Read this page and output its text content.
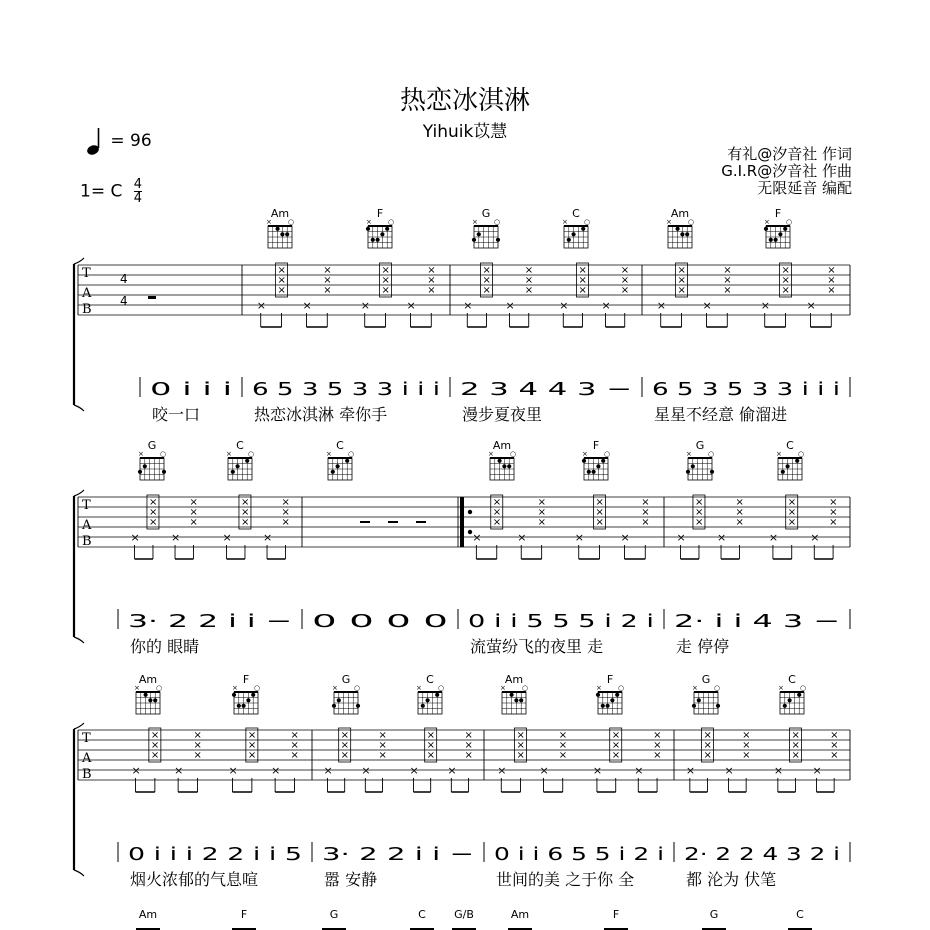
热恋冰淇淋
Yihuik苡慧
= 96
1= C $\frac{4}{4}$
有礼@汐音社 作词
G.I.R@汐音社 作曲
无限延音 编配
T
A
B
4
4	×
×
×
×
×
×
×
×
×
×
×
×
×
×
×
×
×
×
×
×
×
×
×
×
×
×
×
×
×
×
×
×
×
×
×
×
×
×
×
×
×
×
×
×
×
×
×
×
Am
× ○
F
× ○
G
× ○
C
× ○
Am
× ○
F
× ○
0 i i i
咬一口
6 5 3 5 3 3 i i i
热恋冰淇淋 牵你手
2 3 4 4 3 −
漫步夏夜里
6 5 3 5 3 3 i i i
星星不经意 偷溜进
T
A
B	×
×
×
×
×
×
×
×
×
×
×
×
×
×
×
×
×
×
×
×
×
×
×
×
×
×
×
×
×
×
×
×
×
×
×
×
×
×
×
×
×
×
×
×
×
×
×
×
G
× ○
C
× ○
C
× ○
Am
× ○
F
× ○
G
× ○
C
× ○
3· 2 2 i i −
你的 眼睛
0 0 0 0 0 i i 5 5 5 i 2 i
流萤纷飞的夜里 走
2· i i 4 3 −
走 停停
T
A
B	×
×
×
×
×
×
×
×
×
×
×
×
×
×
×
×
×
×
×
×
×
×
×
×
×
×
×
×
×
×
×
×
×
×
×
×
×
×
×
×
×
×
×
×
×
×
×
×
×
×
×
×
×
×
×
×
×
×
×
×
×
×
×
×
Am
× ○
F
× ○
G
× ○
C
× ○
Am
× ○
F
× ○
G
× ○
C
× ○
0 i i i 2 2 i i 5
烟火浓郁的气息喧
3· 2 2 i i −
嚣 安静
0 i i 6 5 5 i 2 i
世间的美 之于你 全
2· 2 2 4 3 2 i
都 沦为 伏笔
Am	F	G	C	G/B	Am	F	G	C
